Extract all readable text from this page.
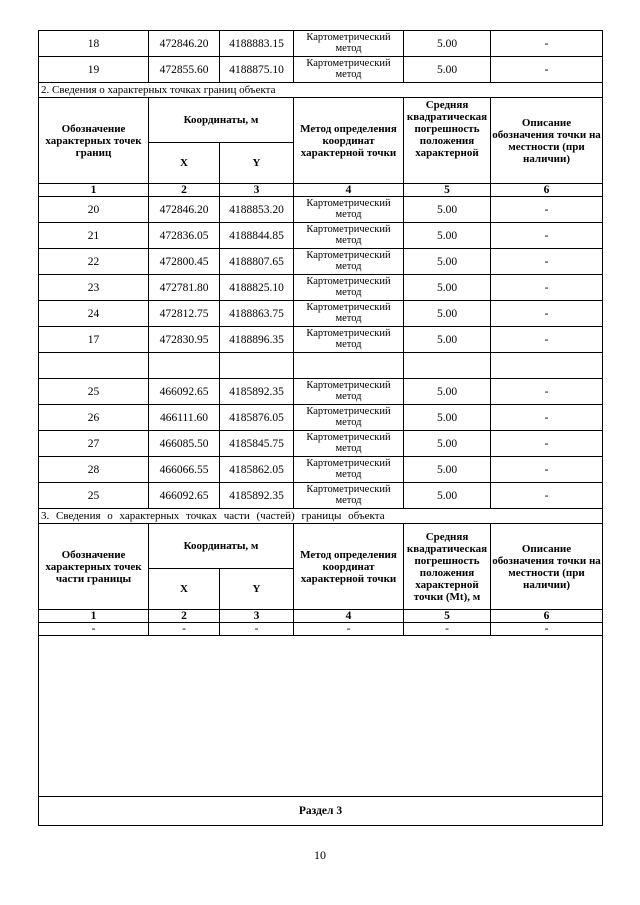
18	472846.20	4188883.15	Картометрический метод	5.00	-
19	472855.60	4188875.10	Картометрический метод	5.00	-
2. Сведения о характерных точках границ объекта					
Обозначение характерных точек границ	Координаты, м		Метод определения координат характерной точки	Средняя квадратическая погрешность положения характерной	Описание обозначения точки на местности (при наличии)
	X	Y			
1	2	3	4	5	6
20	472846.20	4188853.20	Картометрический метод	5.00	-
21	472836.05	4188844.85	Картометрический метод	5.00	-
22	472800.45	4188807.65	Картометрический метод	5.00	-
23	472781.80	4188825.10	Картометрический метод	5.00	-
24	472812.75	4188863.75	Картометрический метод	5.00	-
17	472830.95	4188896.35	Картометрический метод	5.00	-

25	466092.65	4185892.35	Картометрический метод	5.00	-
26	466111.60	4185876.05	Картометрический метод	5.00	-
27	466085.50	4185845.75	Картометрический метод	5.00	-
28	466066.55	4185862.05	Картометрический метод	5.00	-
25	466092.65	4185892.35	Картометрический метод	5.00	-
3. Сведения о характерных точках части (частей) границы объекта					
Обозначение характерных точек части границы	Координаты, м		Метод определения координат характерной точки	Средняя квадратическая погрешность положения характерной точки (Mt), м	Описание обозначения точки на местности (при наличии)
	X	Y			
1	2	3	4	5	6
-	-	-	-	-	-

Раздел 3					
10
